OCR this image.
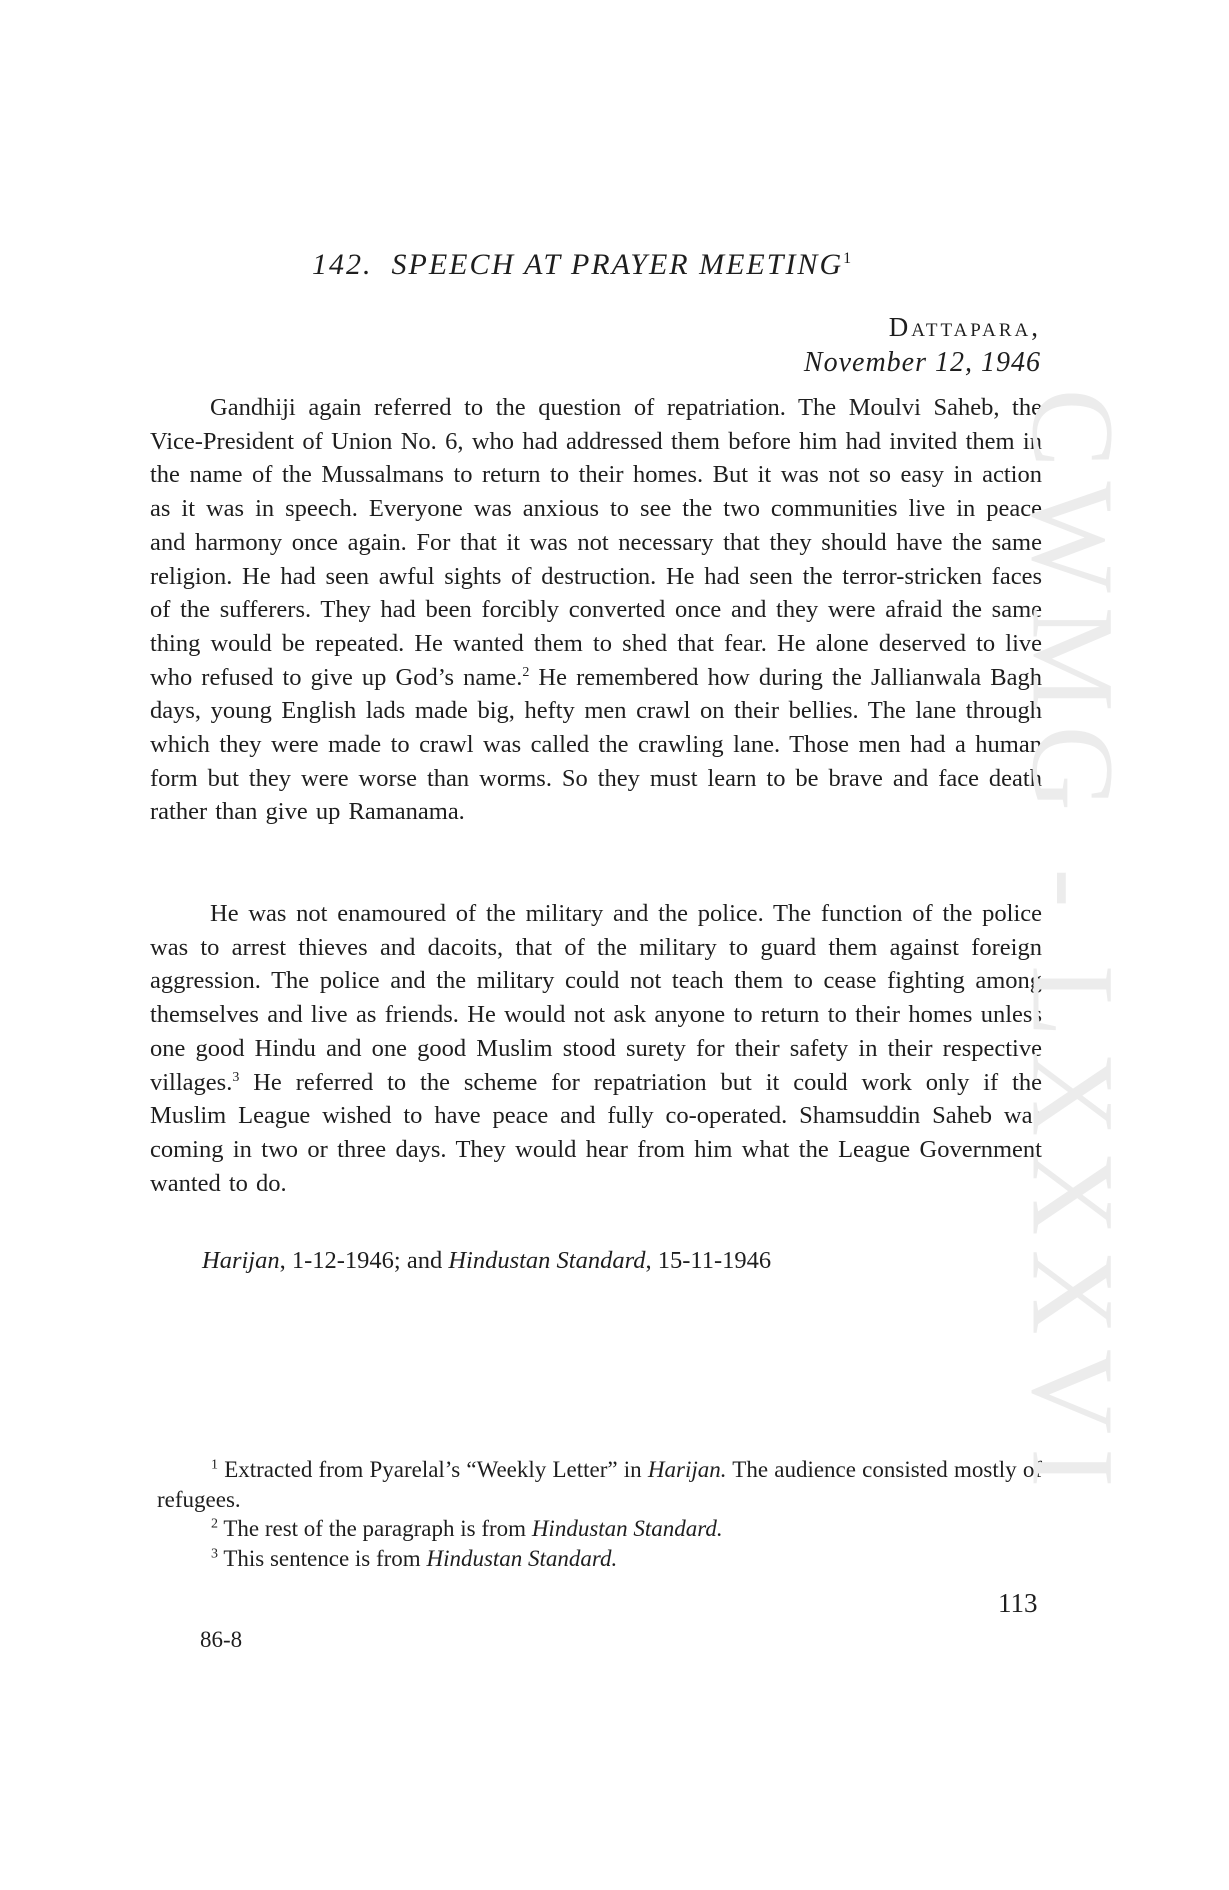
142. SPEECH AT PRAYER MEETING$^1$
Dattapara,
November 12, 1946

Gandhiji again referred to the question of repatriation. The Moulvi Saheb, the Vice-President of Union No. 6, who had addressed them before him had invited them in the name of the Mussalmans to return to their homes. But it was not so easy in action as it was in speech. Everyone was anxious to see the two communities live in peace and harmony once again. For that it was not necessary that they should have the same religion. He had seen awful sights of destruction. He had seen the terror-stricken faces of the sufferers. They had been forcibly converted once and they were afraid the same thing would be repeated. He wanted them to shed that fear. He alone deserved to live who refused to give up God’s name.$^2$ He remembered how during the Jallianwala Bagh days, young English lads made big, hefty men crawl on their bellies. The lane through which they were made to crawl was called the crawling lane. Those men had a human form but they were worse than worms. So they must learn to be brave and face death rather than give up Ramanama.

He was not enamoured of the military and the police. The function of the police was to arrest thieves and dacoits, that of the military to guard them against foreign aggression. The police and the military could not teach them to cease fighting among themselves and live as friends. He would not ask anyone to return to their homes unless one good Hindu and one good Muslim stood surety for their safety in their respective villages.$^3$ He referred to the scheme for repatriation but it could work only if the Muslim League wished to have peace and fully co-operated. Shamsuddin Saheb was coming in two or three days. They would hear from him what the League Government wanted to do.

Harijan, 1-12-1946; and Hindustan Standard, 15-11-1946

$^1$ Extracted from Pyarelal’s “Weekly Letter” in Harijan. The audience consisted mostly of refugees.

$^2$ The rest of the paragraph is from Hindustan Standard.

$^3$ This sentence is from Hindustan Standard.

113
86-8
CWMG - LXXXVI
